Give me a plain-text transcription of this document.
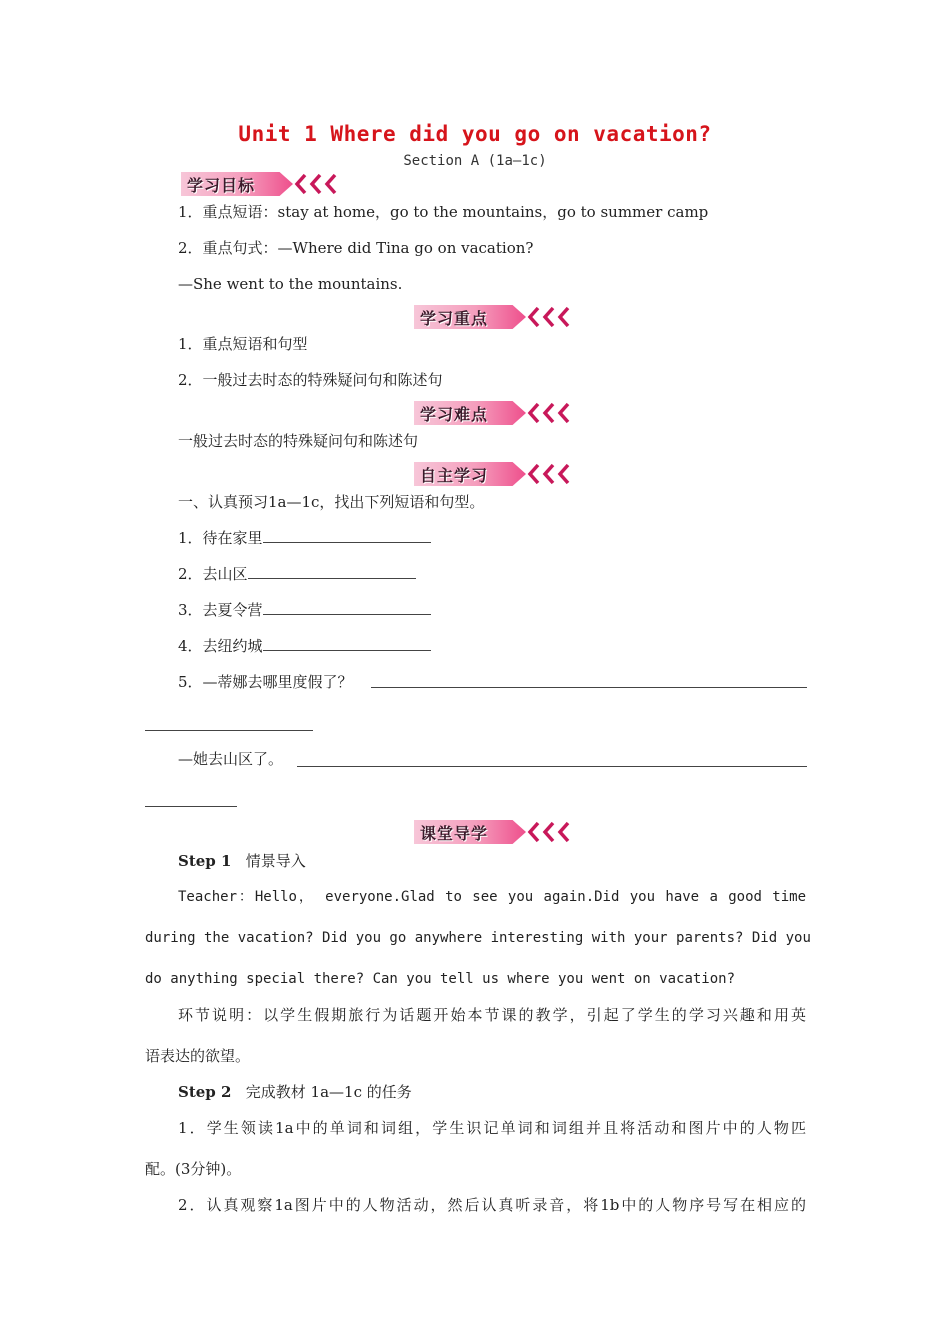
Unit 1 Where did you go on vacation?
Section A (1a—1c)
学习目标
1．重点短语：stay at home，go to the mountains，go to summer camp
2．重点句式：—Where did Tina go on vacation?
—She went to the mountains.
学习重点
1．重点短语和句型
2．一般过去时态的特殊疑问句和陈述句
学习难点
一般过去时态的特殊疑问句和陈述句
自主学习
一、认真预习1a—1c，找出下列短语和句型。
1．待在家里
2．去山区
3．去夏令营
4．去纽约城
5．—蒂娜去哪里度假了？
—她去山区了。
课堂导学
Step 1 情景导入
Teacher：Hello， everyone.Glad to see you again.Did you have a good time
during the vacation? Did you go anywhere interesting with your parents? Did you
do anything special there? Can you tell us where you went on vacation?
环节说明：以学生假期旅行为话题开始本节课的教学，引起了学生的学习兴趣和用英
语表达的欲望。
Step 2 完成教材 1a—1c 的任务
1．学生领读1a中的单词和词组，学生识记单词和词组并且将活动和图片中的人物匹
配。(3分钟)。
2．认真观察1a图片中的人物活动，然后认真听录音，将1b中的人物序号写在相应的
